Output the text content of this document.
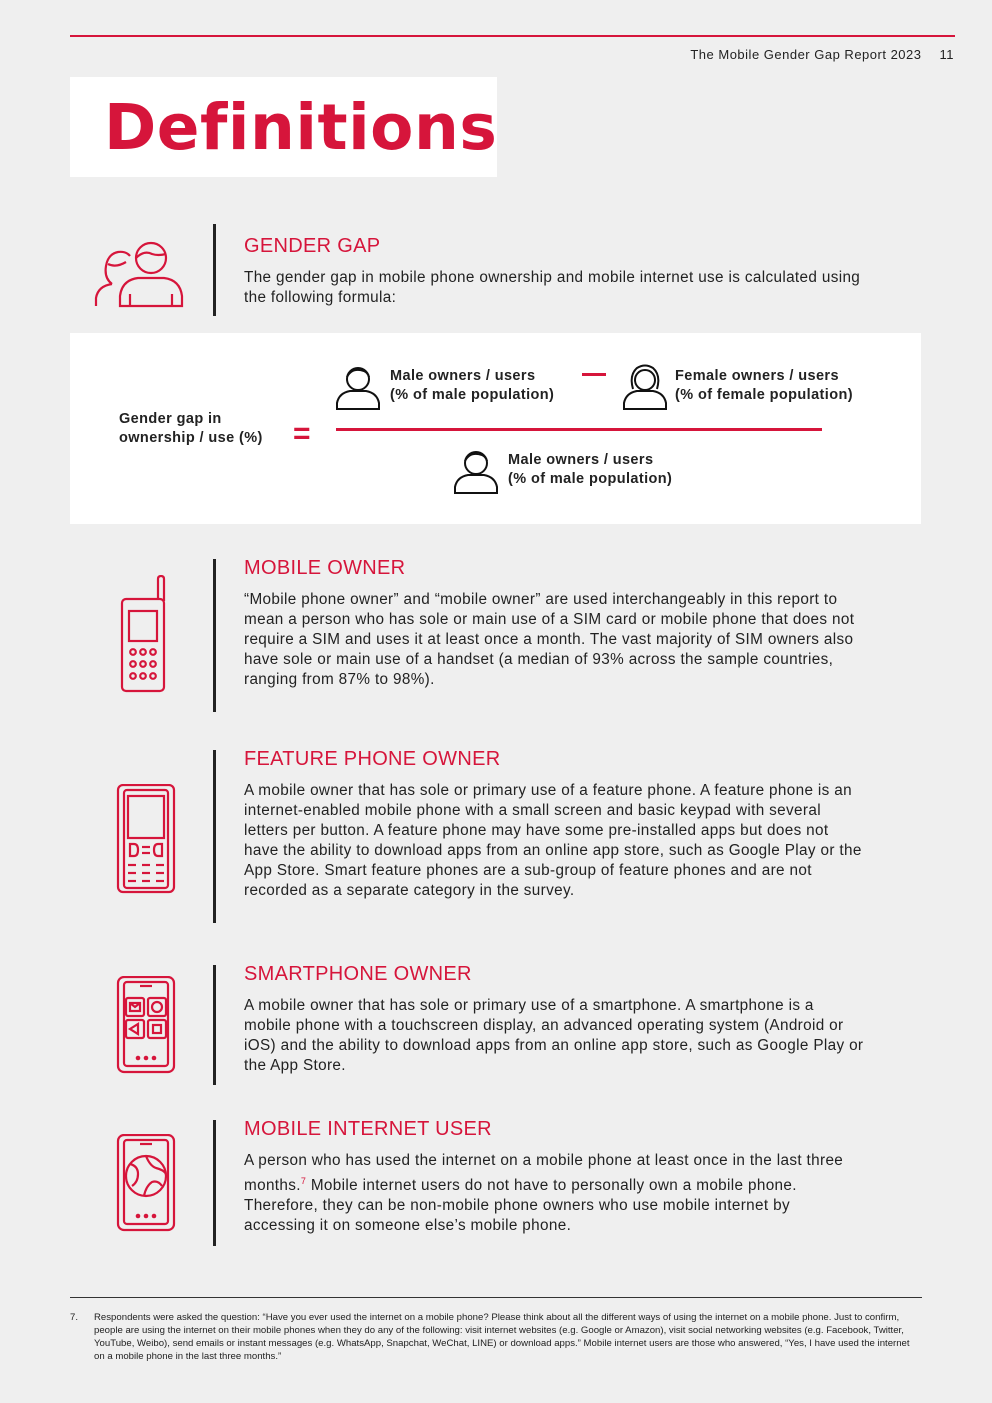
The Mobile Gender Gap Report 2023 11
Definitions
GENDER GAP

The gender gap in mobile phone ownership and mobile internet use is calculated using the following formula:

Gender gap in
ownership / use (%) =
Male owners / users
(% of male population)
Female owners / users
(% of female population)
Male owners / users
(% of male population)
MOBILE OWNER

“Mobile phone owner” and “mobile owner” are used interchangeably in this report to mean a person who has sole or main use of a SIM card or mobile phone that does not require a SIM and uses it at least once a month. The vast majority of SIM owners also have sole or main use of a handset (a median of 93% across the sample countries, ranging from 87% to 98%).

FEATURE PHONE OWNER

A mobile owner that has sole or primary use of a feature phone. A feature phone is an internet-enabled mobile phone with a small screen and basic keypad with several letters per button. A feature phone may have some pre-installed apps but does not have the ability to download apps from an online app store, such as Google Play or the App Store. Smart feature phones are a sub-group of feature phones and are not recorded as a separate category in the survey.

SMARTPHONE OWNER

A mobile owner that has sole or primary use of a smartphone. A smartphone is a mobile phone with a touchscreen display, an advanced operating system (Android or iOS) and the ability to download apps from an online app store, such as Google Play or the App Store.

MOBILE INTERNET USER

A person who has used the internet on a mobile phone at least once in the last three months.$^7$ Mobile internet users do not have to personally own a mobile phone. Therefore, they can be non-mobile phone owners who use mobile internet by accessing it on someone else’s mobile phone.

7. Respondents were asked the question: “Have you ever used the internet on a mobile phone? Please think about all the different ways of using the internet on a mobile phone. Just to confirm, people are using the internet on their mobile phones when they do any of the following: visit internet websites (e.g. Google or Amazon), visit social networking websites (e.g. Facebook, Twitter, YouTube, Weibo), send emails or instant messages (e.g. WhatsApp, Snapchat, WeChat, LINE) or download apps.” Mobile internet users are those who answered, “Yes, I have used the internet on a mobile phone in the last three months.”
